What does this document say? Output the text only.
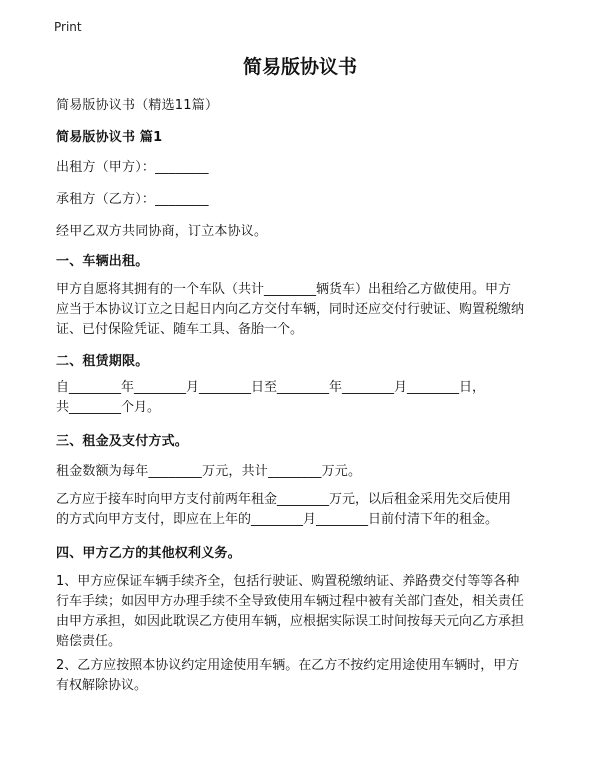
Print
简易版协议书
简易版协议书（精选11篇）
简易版协议书 篇1
出租方（甲方）：________
承租方（乙方）：________
经甲乙双方共同协商，订立本协议。
一、车辆出租。
甲方自愿将其拥有的一个车队（共计________辆货车）出租给乙方做使用。甲方
应当于本协议订立之日起日内向乙方交付车辆，同时还应交付行驶证、购置税缴纳
证、已付保险凭证、随车工具、备胎一个。
二、租赁期限。
自________年________月________日至________年________月________日，
共________个月。
三、租金及支付方式。
租金数额为每年________万元，共计________万元。
乙方应于接车时向甲方支付前两年租金________万元，以后租金采用先交后使用
的方式向甲方支付，即应在上年的________月________日前付清下年的租金。
四、甲方乙方的其他权利义务。
1、甲方应保证车辆手续齐全，包括行驶证、购置税缴纳证、养路费交付等等各种
行车手续；如因甲方办理手续不全导致使用车辆过程中被有关部门查处，相关责任
由甲方承担，如因此耽误乙方使用车辆，应根据实际误工时间按每天元向乙方承担
赔偿责任。
2、乙方应按照本协议约定用途使用车辆。在乙方不按约定用途使用车辆时，甲方
有权解除协议。
